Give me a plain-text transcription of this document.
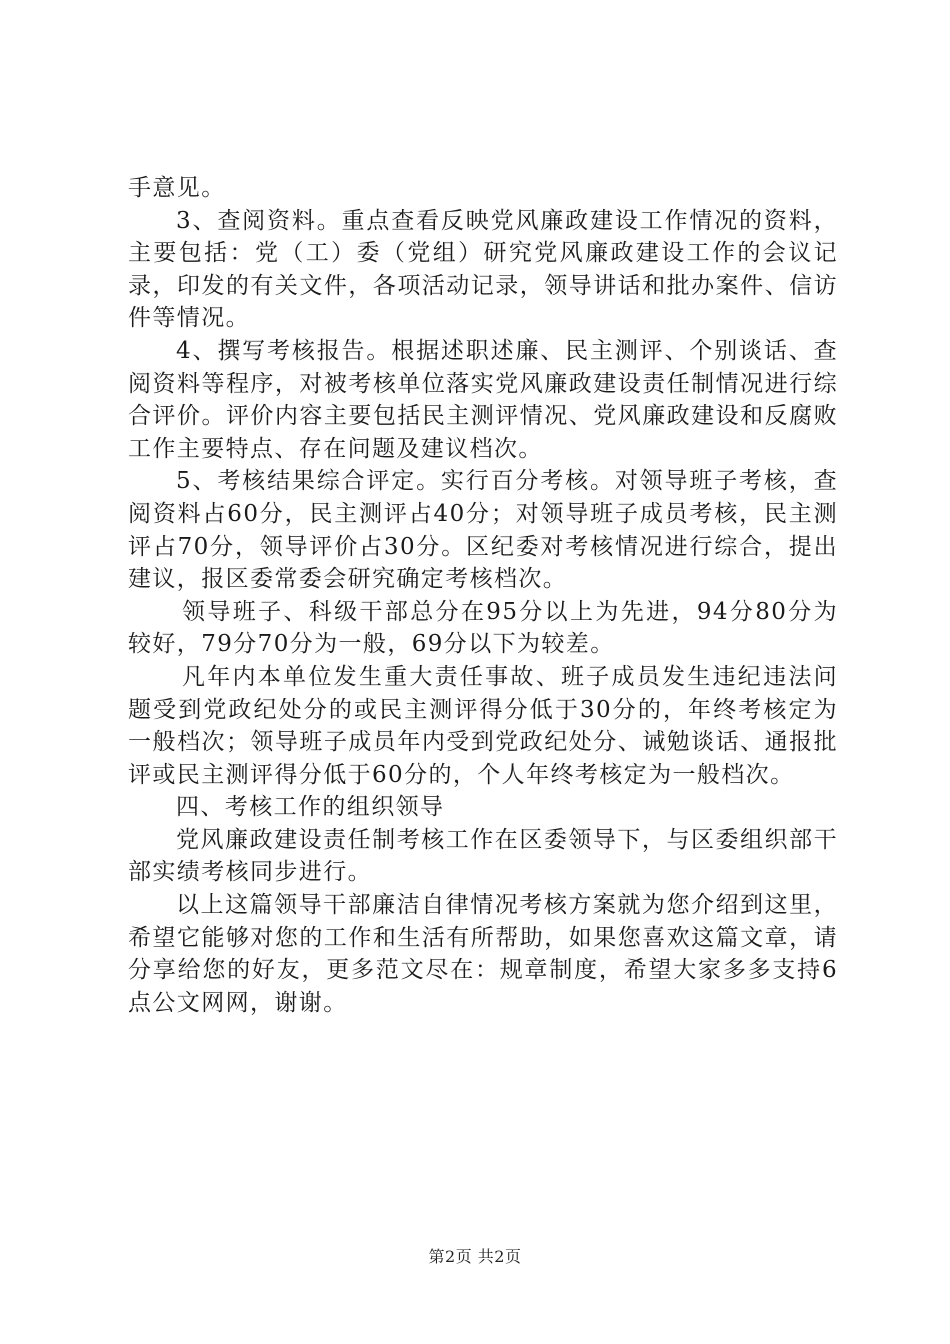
手意见。

3、查阅资料。重点查看反映党风廉政建设工作情况的资料，主要包括：党（工）委（党组）研究党风廉政建设工作的会议记录，印发的有关文件，各项活动记录，领导讲话和批办案件、信访件等情况。

4、撰写考核报告。根据述职述廉、民主测评、个别谈话、查阅资料等程序，对被考核单位落实党风廉政建设责任制情况进行综合评价。评价内容主要包括民主测评情况、党风廉政建设和反腐败工作主要特点、存在问题及建议档次。

5、考核结果综合评定。实行百分考核。对领导班子考核，查阅资料占60分，民主测评占40分；对领导班子成员考核，民主测评占70分，领导评价占30分。区纪委对考核情况进行综合，提出建议，报区委常委会研究确定考核档次。

领导班子、科级干部总分在95分以上为先进，94分80分为较好，79分70分为一般，69分以下为较差。

凡年内本单位发生重大责任事故、班子成员发生违纪违法问题受到党政纪处分的或民主测评得分低于30分的，年终考核定为一般档次；领导班子成员年内受到党政纪处分、诫勉谈话、通报批评或民主测评得分低于60分的，个人年终考核定为一般档次。

四、考核工作的组织领导

党风廉政建设责任制考核工作在区委领导下，与区委组织部干部实绩考核同步进行。

以上这篇领导干部廉洁自律情况考核方案就为您介绍到这里，希望它能够对您的工作和生活有所帮助，如果您喜欢这篇文章，请分享给您的好友，更多范文尽在：规章制度，希望大家多多支持6点公文网网，谢谢。

第2页 共2页
